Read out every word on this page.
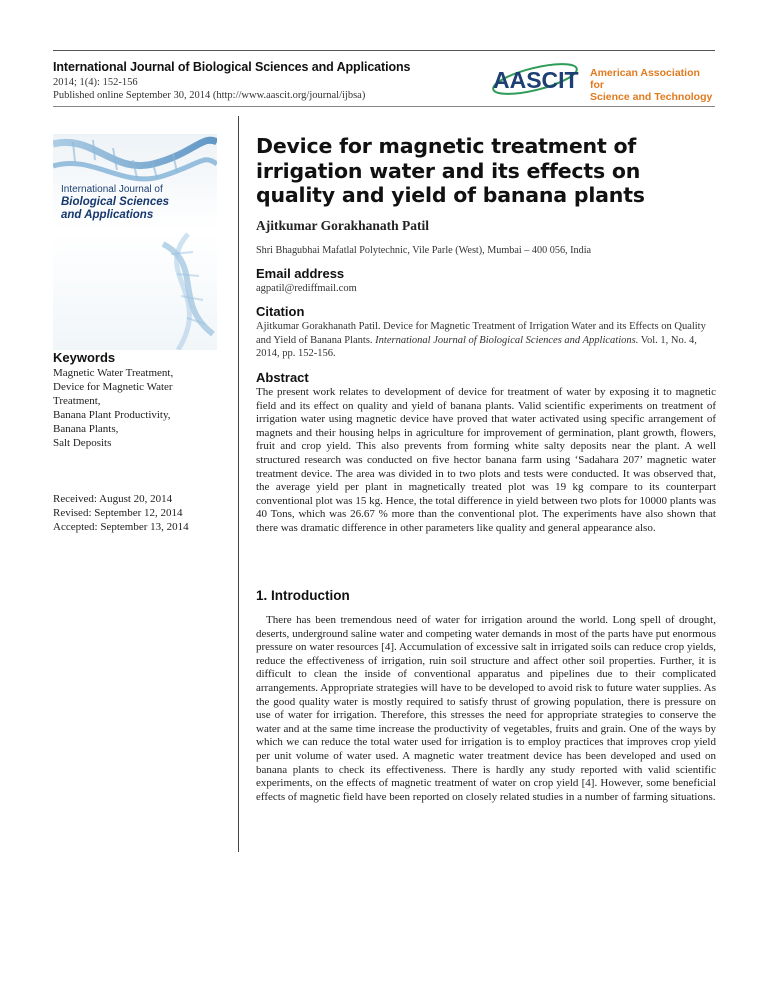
International Journal of Biological Sciences and Applications
2014; 1(4): 152-156
Published online September 30, 2014 (http://www.aascit.org/journal/ijbsa)
AASCIT American Association for
Science and Technology
International Journal of
Biological Sciences
and Applications
Keywords
Magnetic Water Treatment,
Device for Magnetic Water
Treatment,
Banana Plant Productivity,
Banana Plants,
Salt Deposits
Received: August 20, 2014
Revised: September 12, 2014
Accepted: September 13, 2014
Device for magnetic treatment of irrigation water and its effects on quality and yield of banana plants
Ajitkumar Gorakhanath Patil
Shri Bhagubhai Mafatlal Polytechnic, Vile Parle (West), Mumbai – 400 056, India
Email address
agpatil@rediffmail.com
Citation
Ajitkumar Gorakhanath Patil. Device for Magnetic Treatment of Irrigation Water and its Effects on Quality and Yield of Banana Plants. International Journal of Biological Sciences and Applications. Vol. 1, No. 4, 2014, pp. 152-156.
Abstract

The present work relates to development of device for treatment of water by exposing it to magnetic field and its effect on quality and yield of banana plants. Valid scientific experiments on treatment of irrigation water using magnetic device have proved that water activated using specific arrangement of magnets and their housing helps in agriculture for improvement of germination, plant growth, flowers, fruit and crop yield. This also prevents from forming white salty deposits near the plant. A well structured research was conducted on five hector banana farm using ‘Sadahara 207’ magnetic water treatment device. The area was divided in to two plots and tests were conducted. It was observed that, the average yield per plant in magnetically treated plot was 19 kg compare to its counterpart conventional plot was 15 kg. Hence, the total difference in yield between two plots for 10000 plants was 40 Tons, which was 26.67 % more than the conventional plot. The experiments have also shown that there was dramatic difference in other parameters like quality and general appearance also.

1. Introduction

There has been tremendous need of water for irrigation around the world. Long spell of drought, deserts, underground saline water and competing water demands in most of the parts have put enormous pressure on water resources [4]. Accumulation of excessive salt in irrigated soils can reduce crop yields, reduce the effectiveness of irrigation, ruin soil structure and affect other soil properties. Further, it is difficult to clean the inside of conventional apparatus and pipelines due to their complicated arrangements. Appropriate strategies will have to be developed to avoid risk to future water supplies. As the good quality water is mostly required to satisfy thrust of growing population, there is pressure on use of water for irrigation. Therefore, this stresses the need for appropriate strategies to conserve the water and at the same time increase the productivity of vegetables, fruits and grain. One of the ways by which we can reduce the total water used for irrigation is to employ practices that improves crop yield per unit volume of water used. A magnetic water treatment device has been developed and used on banana plants to check its effectiveness. There is hardly any study reported with valid scientific experiments, on the effects of magnetic treatment of water on crop yield [4]. However, some beneficial effects of magnetic field have been reported on closely related studies in a number of farming situations.
